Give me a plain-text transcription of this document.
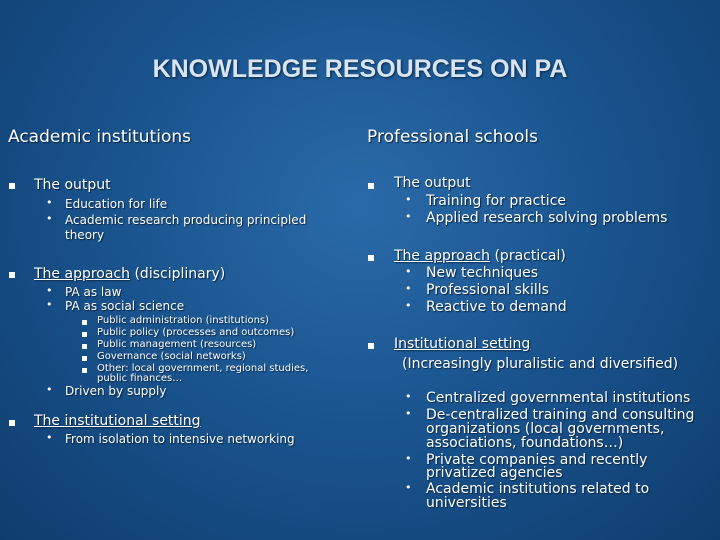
KNOWLEDGE RESOURCES ON PA
Academic institutions
The output
• Education for life
• Academic research producing principled
theory
The approach (disciplinary)
• PA as law
• PA as social science
Public administration (institutions)
Public policy (processes and outcomes)
Public management (resources)
Governance (social networks)
Other: local government, regional studies,
public finances…
• Driven by supply
The institutional setting
• From isolation to intensive networking
Professional schools
The output
• Training for practice
• Applied research solving problems
The approach (practical)
• New techniques
• Professional skills
• Reactive to demand
Institutional setting
(Increasingly pluralistic and diversified)
• Centralized governmental institutions
• De-centralized training and consulting
organizations (local governments,
associations, foundations…)
• Private companies and recently
privatized agencies
• Academic institutions related to
universities
